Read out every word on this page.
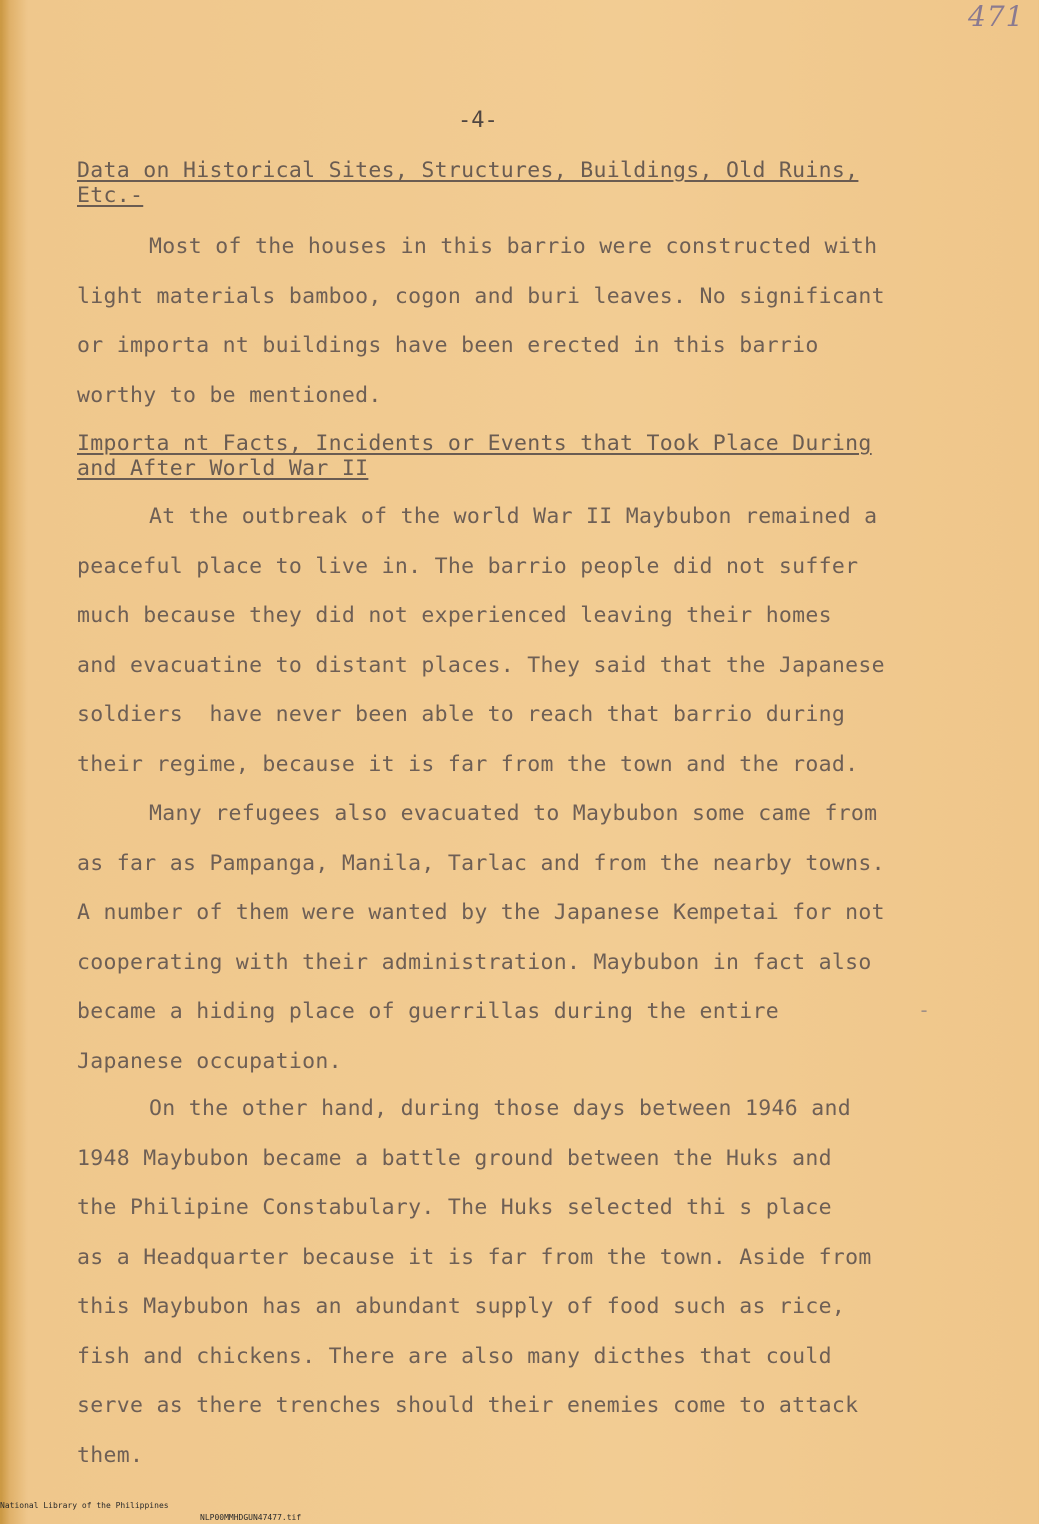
471
-4-
Data on Historical Sites, Structures, Buildings, Old Ruins,
Etc.-
Most of the houses in this barrio were constructed with
light materials bamboo, cogon and buri leaves. No significant
or importa nt buildings have been erected in this barrio
worthy to be mentioned.
Importa nt Facts, Incidents or Events that Took Place During
and After World War II
At the outbreak of the world War II Maybubon remained a
peaceful place to live in. The barrio people did not suffer
much because they did not experienced leaving their homes
and evacuatine to distant places. They said that the Japanese
soldiers  have never been able to reach that barrio during
their regime, because it is far from the town and the road.
Many refugees also evacuated to Maybubon some came from
as far as Pampanga, Manila, Tarlac and from the nearby towns.
A number of them were wanted by the Japanese Kempetai for not
cooperating with their administration. Maybubon in fact also
became a hiding place of guerrillas during the entire
Japanese occupation.
On the other hand, during those days between 1946 and
1948 Maybubon became a battle ground between the Huks and
the Philipine Constabulary. The Huks selected thi s place
as a Headquarter because it is far from the town. Aside from
this Maybubon has an abundant supply of food such as rice,
fish and chickens. There are also many dicthes that could
serve as there trenches should their enemies come to attack
them.
-

National Library of the Philippines

NLP00MMHDGUN47477.tif
